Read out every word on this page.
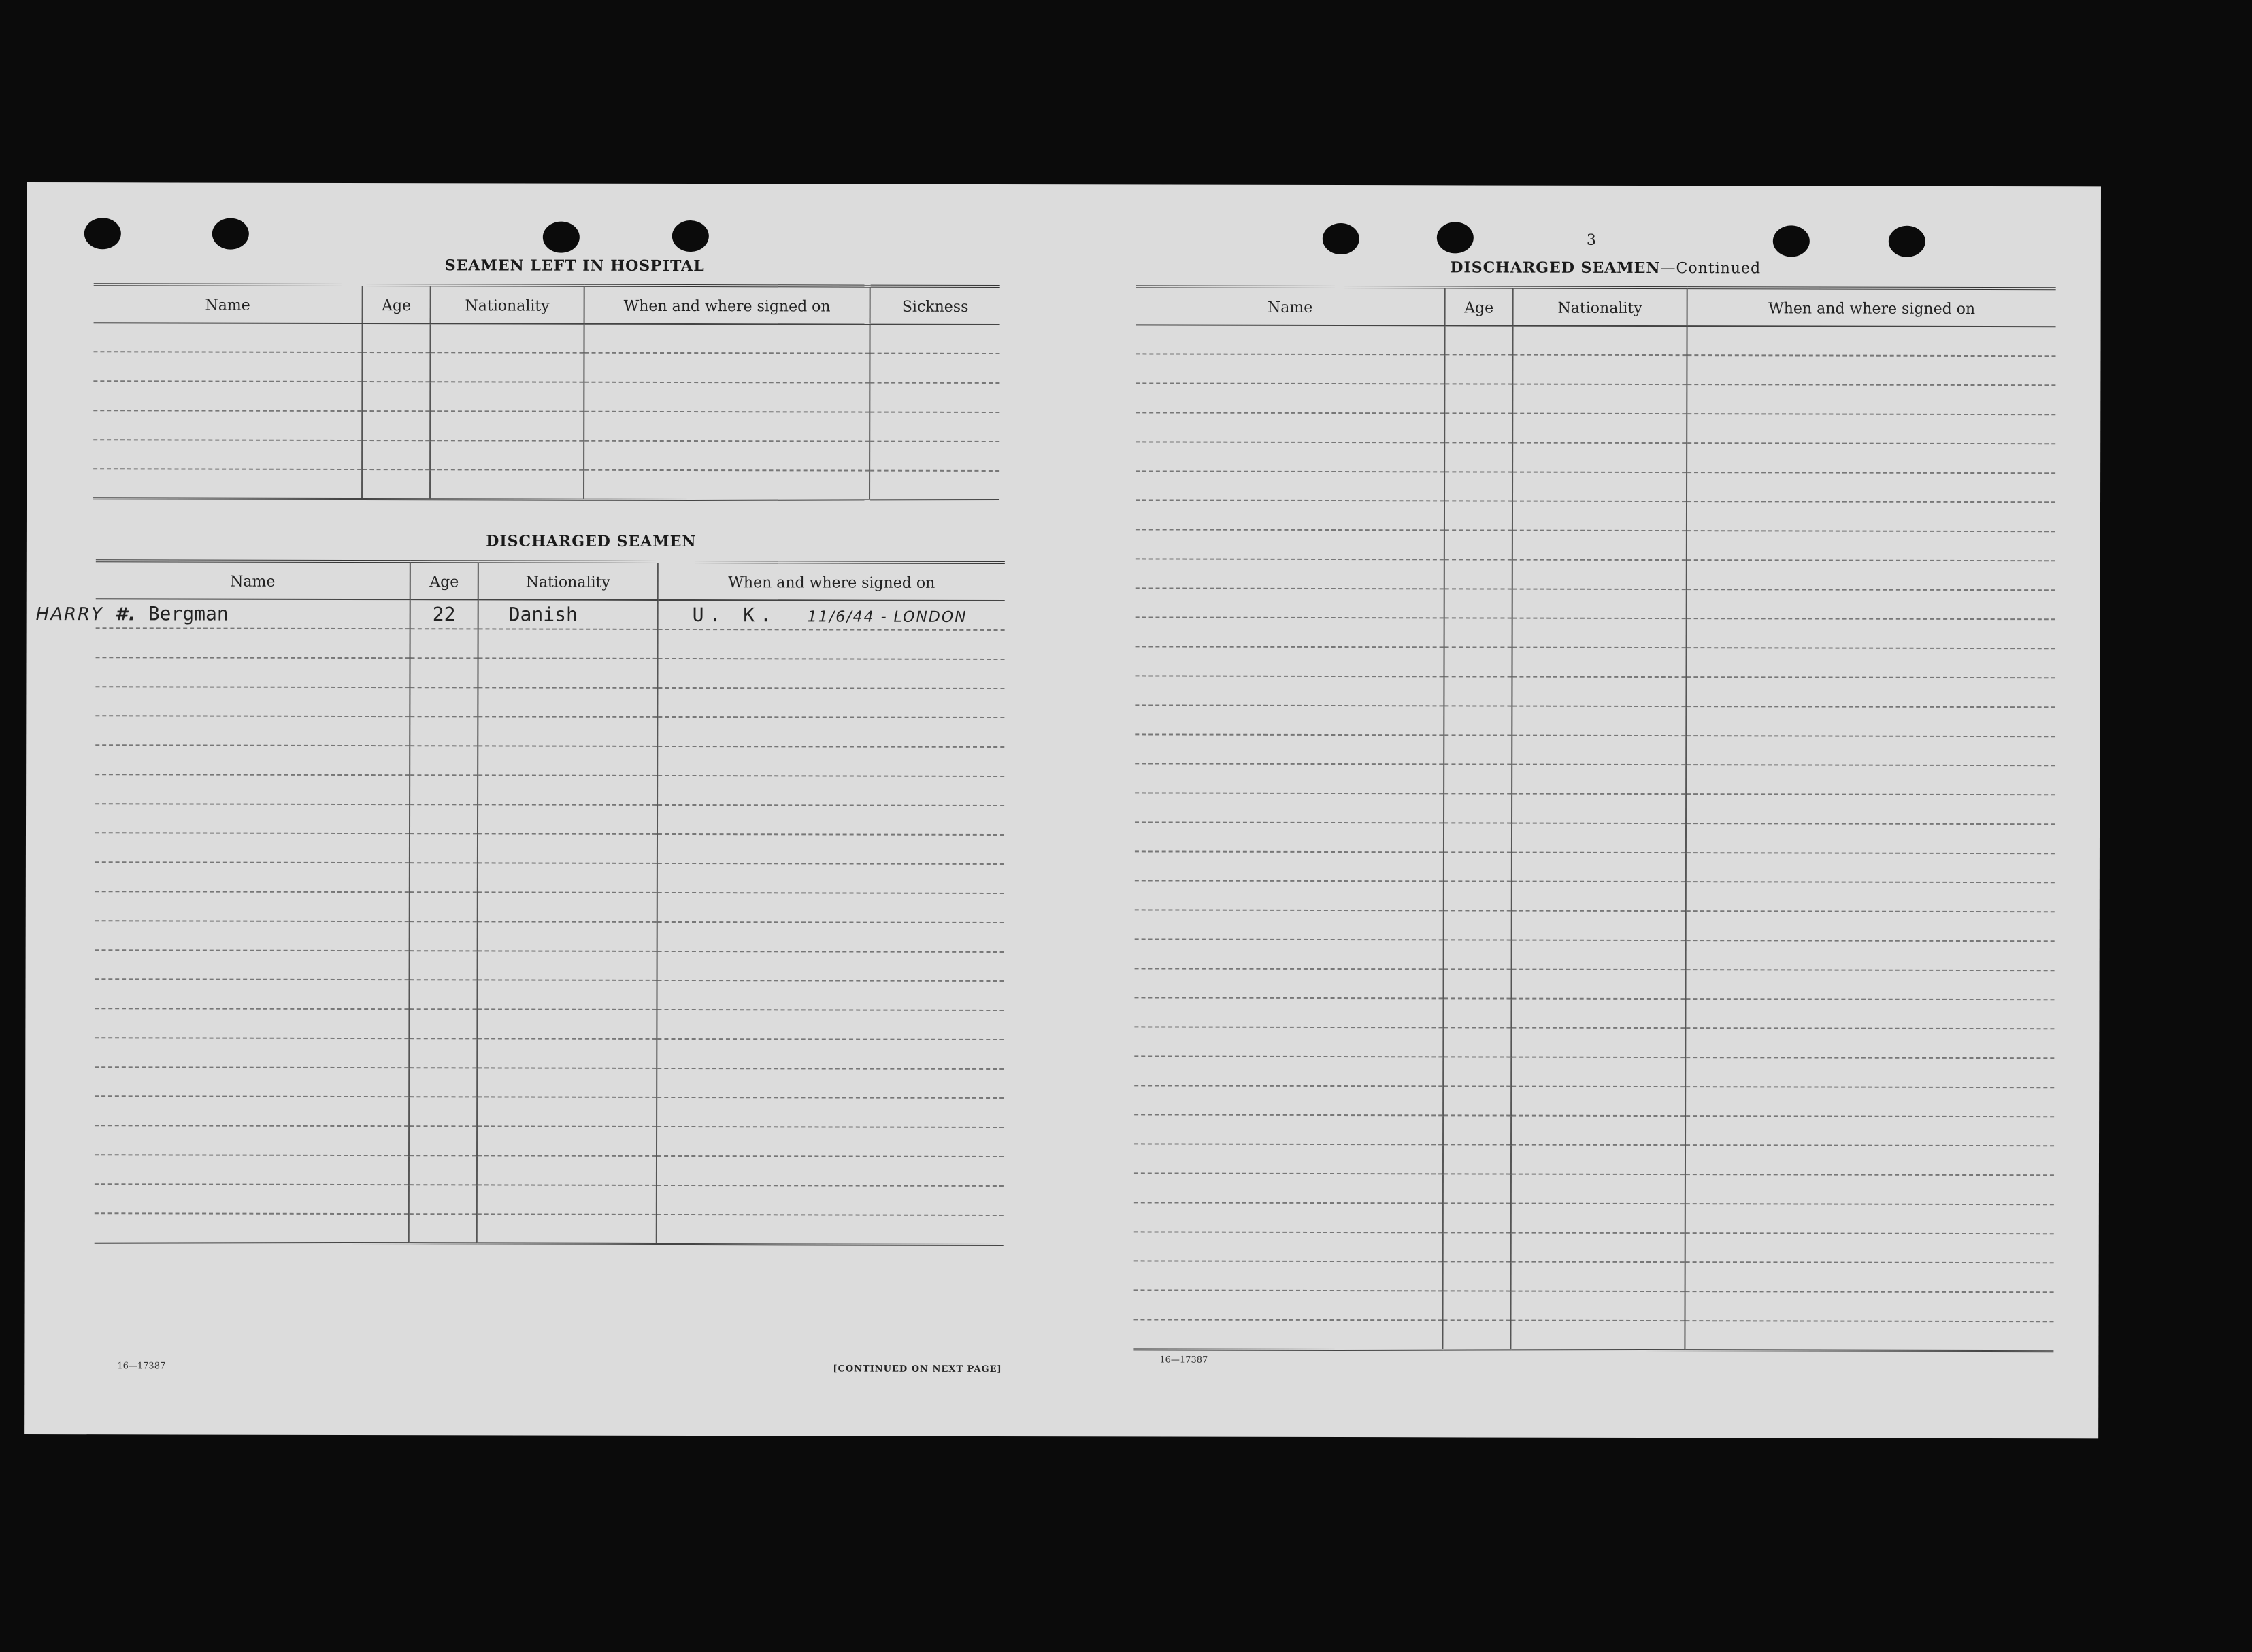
SEAMEN LEFT IN HOSPITAL
Name	Age	Nationality	When and where signed on	Sickness

DISCHARGED SEAMEN
Name	Age	Nationality	When and where signed on
HARRY #. Bergman	22	Danish	U. K. 11/6/44 - LONDON

16—17387	[CONTINUED ON NEXT PAGE]
3
DISCHARGED SEAMEN—Continued
Name	Age	Nationality	When and where signed on

16—17387
